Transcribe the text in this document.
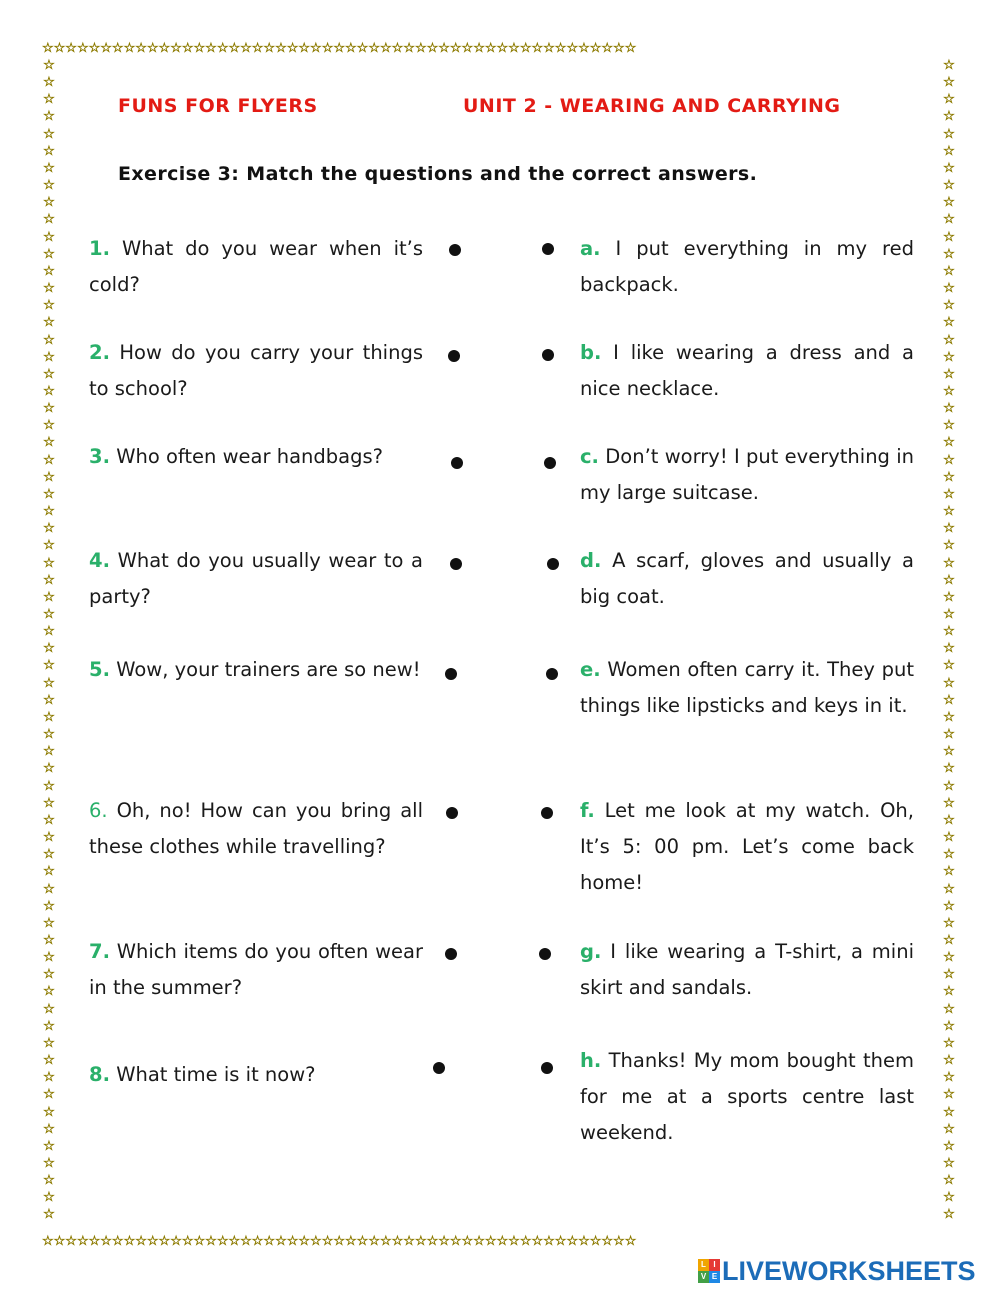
☆☆☆☆☆☆☆☆☆☆☆☆☆☆☆☆☆☆☆☆☆☆☆☆☆☆☆☆☆☆☆☆☆☆☆☆☆☆☆☆☆☆☆☆☆☆☆☆☆☆☆
☆☆☆☆☆☆☆☆☆☆☆☆☆☆☆☆☆☆☆☆☆☆☆☆☆☆☆☆☆☆☆☆☆☆☆☆☆☆☆☆☆☆☆☆☆☆☆☆☆☆☆
☆
☆
☆
☆
☆
☆
☆
☆
☆
☆
☆
☆
☆
☆
☆
☆
☆
☆
☆
☆
☆
☆
☆
☆
☆
☆
☆
☆
☆
☆
☆
☆
☆
☆
☆
☆
☆
☆
☆
☆
☆
☆
☆
☆
☆
☆
☆
☆
☆
☆
☆
☆
☆
☆
☆
☆
☆
☆
☆
☆
☆
☆
☆
☆
☆
☆
☆
☆
☆
☆
☆
☆
☆
☆
☆
☆
☆
☆
☆
☆
☆
☆
☆
☆
☆
☆
☆
☆
☆
☆
☆
☆
☆
☆
☆
☆
☆
☆
☆
☆
☆
☆
☆
☆
☆
☆
☆
☆
☆
☆
☆
☆
☆
☆
☆
☆
☆
☆
☆
☆
☆
☆
☆
☆
☆
☆
☆
☆
☆
☆
☆
☆
☆
☆
☆
☆
FUNS FOR FLYERS	UNIT 2 - WEARING AND CARRYING
Exercise 3: Match the questions and the correct answers.
1. What do you wear when it’s cold?
2. How do you carry your things to school?
3. Who often wear handbags?
4. What do you usually wear to a party?
5. Wow, your trainers are so new!
6. Oh, no! How can you bring all these clothes while travelling?
7. Which items do you often wear in the summer?
8. What time is it now?
a. I put everything in my red backpack.
b. I like wearing a dress and a nice necklace.
c. Don’t worry! I put everything in my large suitcase.
d. A scarf, gloves and usually a big coat.
e. Women often carry it. They put things like lipsticks and keys in it.
f. Let me look at my watch. Oh, It’s 5: 00 pm. Let’s come back home!
g. I like wearing a T-shirt, a mini skirt and sandals.
h. Thanks! My mom bought them for me at a sports centre last weekend.
L I
V E LIVEWORKSHEETS
